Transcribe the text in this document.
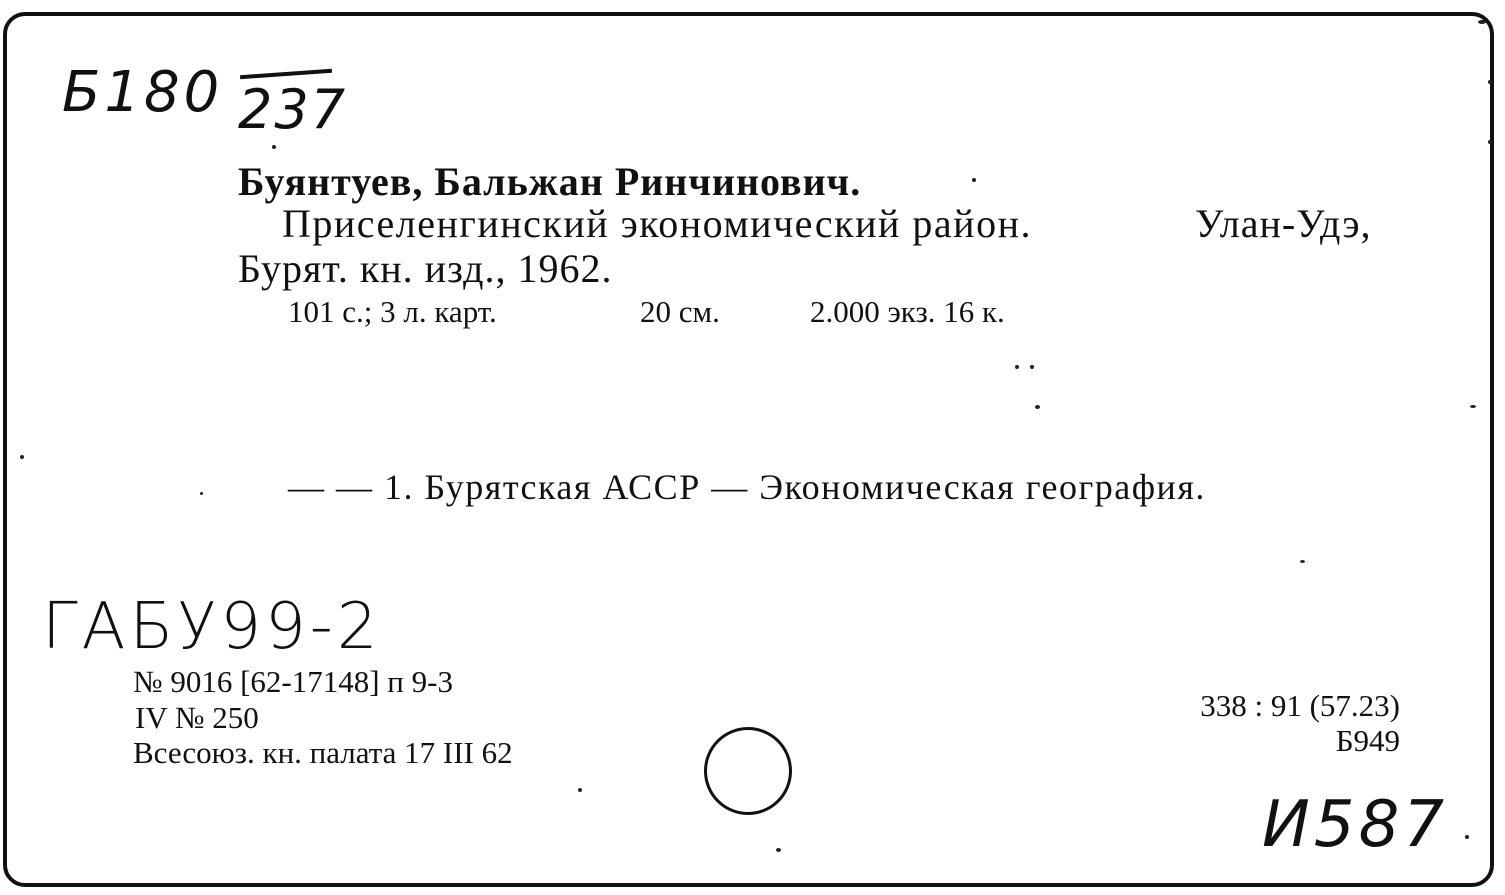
Б180 237
Буянтуев, Бальжан Ринчинович.
Приселенгинский экономический район.	Улан-Удэ,
Бурят. кн. изд., 1962.
101 с.; 3 л. карт.	20 см.	2.000 экз. 16 к.
— — 1. Бурятская АССР — Экономическая география.
ГАБУ99-2
№ 9016 [62-17148] п 9-3
IV № 250
Всесоюз. кн. палата 17 III 62
338 : 91 (57.23)
Б949
И587
